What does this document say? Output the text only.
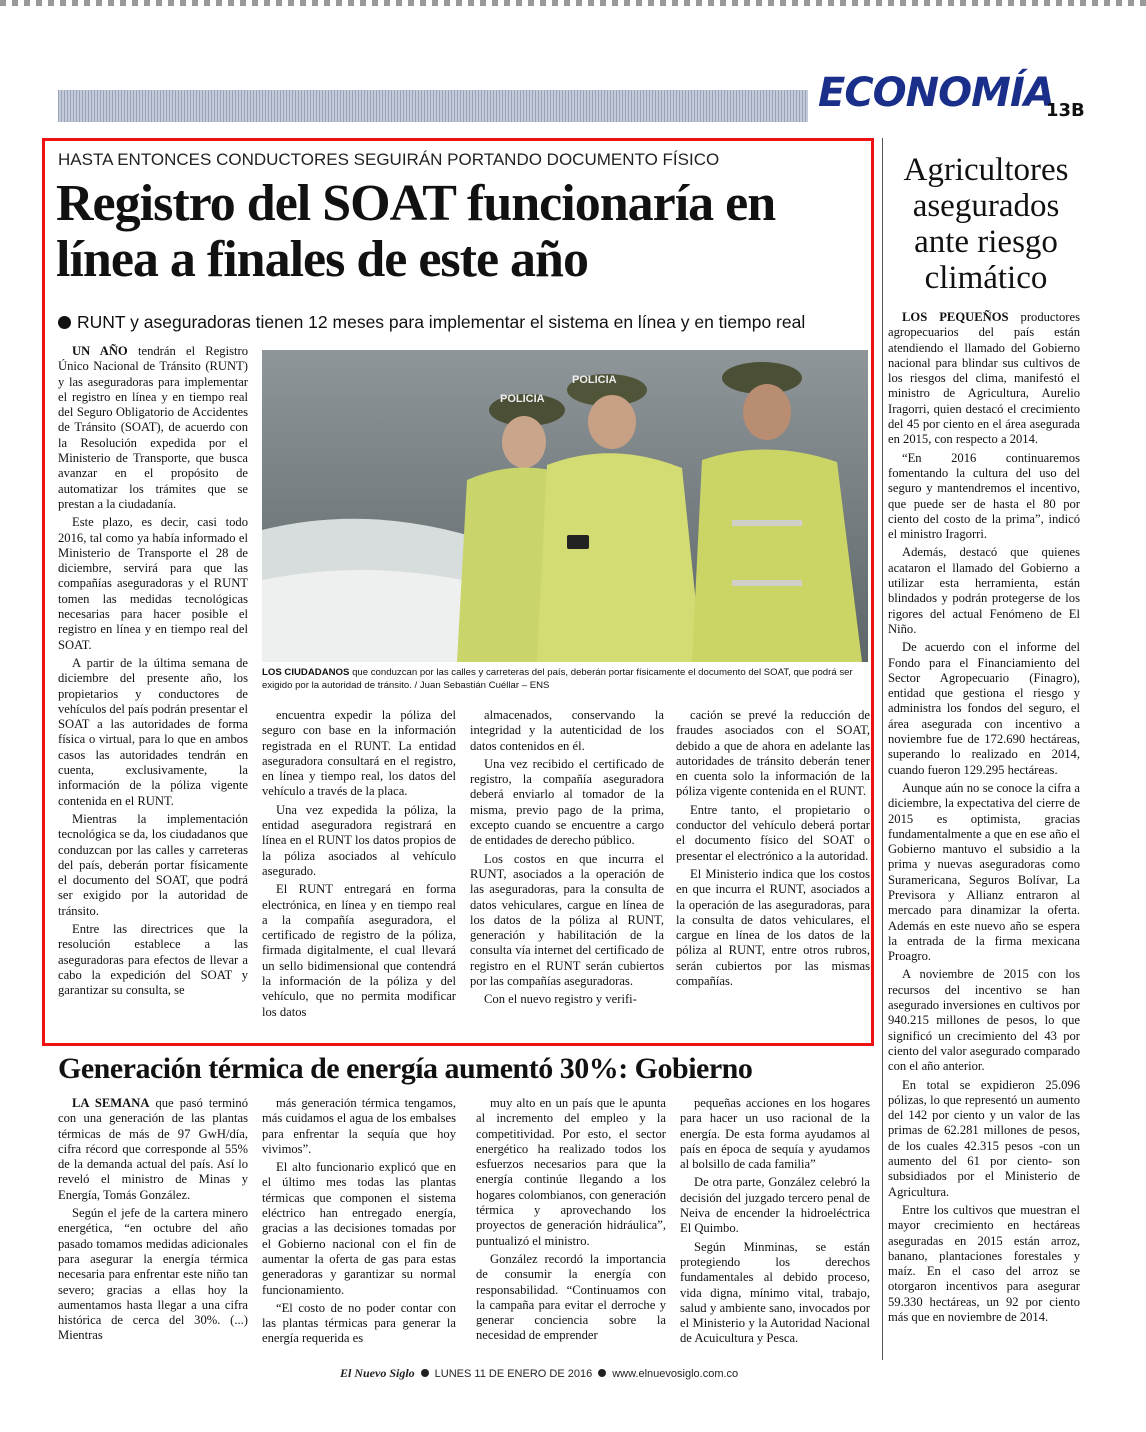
ECONOMÍA
13B
HASTA ENTONCES CONDUCTORES SEGUIRÁN PORTANDO DOCUMENTO FÍSICO
Registro del SOAT funcionaría en línea a finales de este año
RUNT y aseguradoras tienen 12 meses para implementar el sistema en línea y en tiempo real

UN AÑO tendrán el Registro Único Nacional de Tránsito (RUNT) y las aseguradoras para implementar el registro en línea y en tiempo real del Seguro Obligatorio de Accidentes de Tránsito (SOAT), de acuerdo con la Resolución expedida por el Ministerio de Transporte, que busca avanzar en el propósito de automatizar los trámites que se prestan a la ciudadanía.

Este plazo, es decir, casi todo 2016, tal como ya había informado el Ministerio de Transporte el 28 de diciembre, servirá para que las compañías aseguradoras y el RUNT tomen las medidas tecnológicas necesarias para hacer posible el registro en línea y en tiempo real del SOAT.

A partir de la última semana de diciembre del presente año, los propietarios y conductores de vehículos del país podrán presentar el SOAT a las autoridades de forma física o virtual, para lo que en ambos casos las autoridades tendrán en cuenta, exclusivamente, la información de la póliza vigente contenida en el RUNT.

Mientras la implementación tecnológica se da, los ciudadanos que conduzcan por las calles y carreteras del país, deberán portar físicamente el documento del SOAT, que podrá ser exigido por la autoridad de tránsito.

Entre las directrices que la resolución establece a las aseguradoras para efectos de llevar a cabo la expedición del SOAT y garantizar su consulta, se

POLICIA
POLICIA
LOS CIUDADANOS que conduzcan por las calles y carreteras del país, deberán portar físicamente el documento del SOAT, que podrá ser exigido por la autoridad de tránsito. / Juan Sebastián Cuéllar – ENS

encuentra expedir la póliza del seguro con base en la información registrada en el RUNT. La entidad aseguradora consultará en el registro, en línea y tiempo real, los datos del vehículo a través de la placa.

Una vez expedida la póliza, la entidad aseguradora registrará en línea en el RUNT los datos propios de la póliza asociados al vehículo asegurado.

El RUNT entregará en forma electrónica, en línea y en tiempo real a la compañía aseguradora, el certificado de registro de la póliza, firmada digitalmente, el cual llevará un sello bidimensional que contendrá la información de la póliza y del vehículo, que no permita modificar los datos

almacenados, conservando la integridad y la autenticidad de los datos contenidos en él.

Una vez recibido el certificado de registro, la compañía aseguradora deberá enviarlo al tomador de la misma, previo pago de la prima, excepto cuando se encuentre a cargo de entidades de derecho público.

Los costos en que incurra el RUNT, asociados a la operación de las aseguradoras, para la consulta de datos vehiculares, cargue en línea de los datos de la póliza al RUNT, generación y habilitación de la consulta vía internet del certificado de registro en el RUNT serán cubiertos por las compañías aseguradoras.

Con el nuevo registro y verifi-

cación se prevé la reducción de fraudes asociados con el SOAT, debido a que de ahora en adelante las autoridades de tránsito deberán tener en cuenta solo la información de la póliza vigente contenida en el RUNT.

Entre tanto, el propietario o conductor del vehículo deberá portar el documento físico del SOAT o presentar el electrónico a la autoridad.

El Ministerio indica que los costos en que incurra el RUNT, asociados a la operación de las aseguradoras, para la consulta de datos vehiculares, el cargue en línea de los datos de la póliza al RUNT, entre otros rubros, serán cubiertos por las mismas compañías.

Agricultores asegurados ante riesgo climático

LOS PEQUEÑOS productores agropecuarios del país están atendiendo el llamado del Gobierno nacional para blindar sus cultivos de los riesgos del clima, manifestó el ministro de Agricultura, Aurelio Iragorri, quien destacó el crecimiento del 45 por ciento en el área asegurada en 2015, con respecto a 2014.

“En 2016 continuaremos fomentando la cultura del uso del seguro y mantendremos el incentivo, que puede ser de hasta el 80 por ciento del costo de la prima”, indicó el ministro Iragorri.

Además, destacó que quienes acataron el llamado del Gobierno a utilizar esta herramienta, están blindados y podrán protegerse de los rigores del actual Fenómeno de El Niño.

De acuerdo con el informe del Fondo para el Financiamiento del Sector Agropecuario (Finagro), entidad que gestiona el riesgo y administra los fondos del seguro, el área asegurada con incentivo a noviembre fue de 172.690 hectáreas, superando lo realizado en 2014, cuando fueron 129.295 hectáreas.

Aunque aún no se conoce la cifra a diciembre, la expectativa del cierre de 2015 es optimista, gracias fundamentalmente a que en ese año el Gobierno mantuvo el subsidio a la prima y nuevas aseguradoras como Suramericana, Seguros Bolívar, La Previsora y Allianz entraron al mercado para dinamizar la oferta. Además en este nuevo año se espera la entrada de la firma mexicana Proagro.

A noviembre de 2015 con los recursos del incentivo se han asegurado inversiones en cultivos por 940.215 millones de pesos, lo que significó un crecimiento del 43 por ciento del valor asegurado comparado con el año anterior.

En total se expidieron 25.096 pólizas, lo que representó un aumento del 142 por ciento y un valor de las primas de 62.281 millones de pesos, de los cuales 42.315 pesos -con un aumento del 61 por ciento- son subsidiados por el Ministerio de Agricultura.

Entre los cultivos que muestran el mayor crecimiento en hectáreas aseguradas en 2015 están arroz, banano, plantaciones forestales y maíz. En el caso del arroz se otorgaron incentivos para asegurar 59.330 hectáreas, un 92 por ciento más que en noviembre de 2014.

Generación térmica de energía aumentó 30%: Gobierno

LA SEMANA que pasó terminó con una generación de las plantas térmicas de más de 97 GwH/día, cifra récord que corresponde al 55% de la demanda actual del país. Así lo reveló el ministro de Minas y Energía, Tomás González.

Según el jefe de la cartera minero energética, “en octubre del año pasado tomamos medidas adicionales para asegurar la energía térmica necesaria para enfrentar este niño tan severo; gracias a ellas hoy la aumentamos hasta llegar a una cifra histórica de cerca del 30%. (...) Mientras

más generación térmica tengamos, más cuidamos el agua de los embalses para enfrentar la sequía que hoy vivimos”.

El alto funcionario explicó que en el último mes todas las plantas térmicas que componen el sistema eléctrico han entregado energía, gracias a las decisiones tomadas por el Gobierno nacional con el fin de aumentar la oferta de gas para estas generadoras y garantizar su normal funcionamiento.

“El costo de no poder contar con las plantas térmicas para generar la energía requerida es

muy alto en un país que le apunta al incremento del empleo y la competitividad. Por esto, el sector energético ha realizado todos los esfuerzos necesarios para que la energía continúe llegando a los hogares colombianos, con generación térmica y aprovechando los proyectos de generación hidráulica”, puntualizó el ministro.

González recordó la importancia de consumir la energía con responsabilidad. “Continuamos con la campaña para evitar el derroche y generar conciencia sobre la necesidad de emprender

pequeñas acciones en los hogares para hacer un uso racional de la energía. De esta forma ayudamos al país en época de sequía y ayudamos al bolsillo de cada familia”

De otra parte, González celebró la decisión del juzgado tercero penal de Neiva de encender la hidroeléctrica El Quimbo.

Según Minminas, se están protegiendo los derechos fundamentales al debido proceso, vida digna, mínimo vital, trabajo, salud y ambiente sano, invocados por el Ministerio y la Autoridad Nacional de Acuicultura y Pesca.

El Nuevo Siglo LUNES 11 DE ENERO DE 2016 www.elnuevosiglo.com.co
